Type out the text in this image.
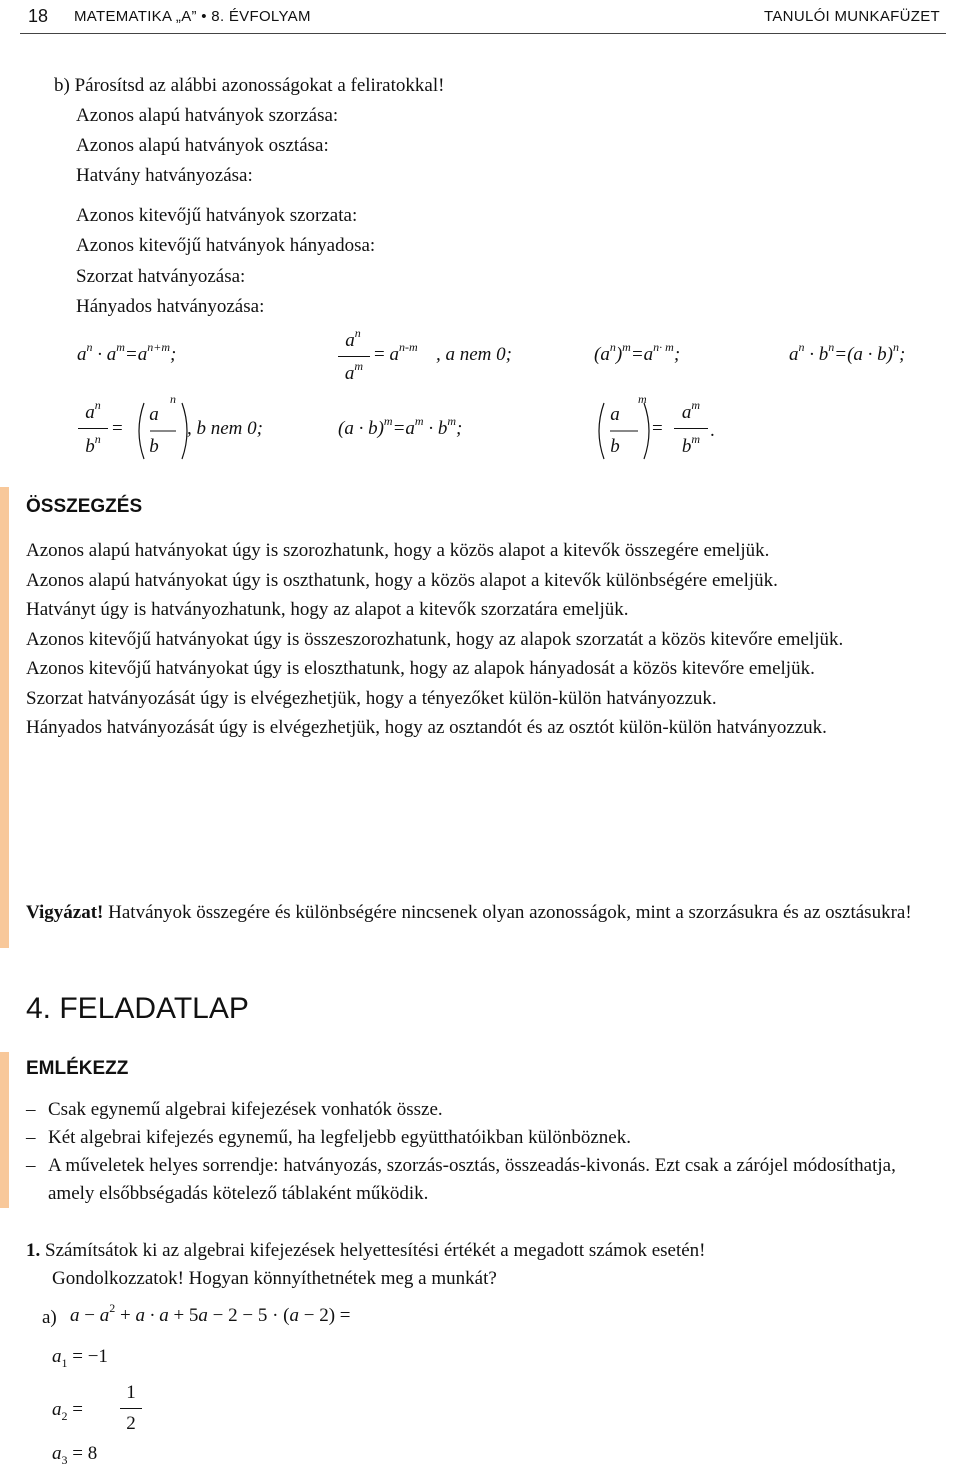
18 MATEMATIKA „A” • 8. ÉVFOLYAM	TANULÓI MUNKAFÜZET
b) Párosítsd az alábbi azonosságokat a feliratokkal!
Azonos alapú hatványok szorzása:
Azonos alapú hatványok osztása:
Hatvány hatványozása:
Azonos kitevőjű hatványok szorzata:
Azonos kitevőjű hatványok hányadosa:
Szorzat hatványozása:
Hányados hatványozása:
$a^n \cdot a^m=a^{n+m}$;
$a^n$
$a^m$
= $a^{n-m}$ , a nem 0;	$(a^n)^m=a^{n\cdot m}$;	$a^n \cdot b^n=(a \cdot b)^n$;
$a^n$
$b^n$ =
a
b
n
, b nem 0;	$(a \cdot b)^m=a^m \cdot b^m$;
a
b
m
=
$a^m$
$b^m$ .
ÖSSZEGZÉS

Azonos alapú hatványokat úgy is szorozhatunk, hogy a közös alapot a kitevők összegére emeljük.

Azonos alapú hatványokat úgy is oszthatunk, hogy a közös alapot a kitevők különbségére emeljük.

Hatványt úgy is hatványozhatunk, hogy az alapot a kitevők szorzatára emeljük.

Azonos kitevőjű hatványokat úgy is összeszorozhatunk, hogy az alapok szorzatát a közös kitevőre emeljük.

Azonos kitevőjű hatványokat úgy is eloszthatunk, hogy az alapok hányadosát a közös kitevőre emeljük.

Szorzat hatványozását úgy is elvégezhetjük, hogy a tényezőket külön-külön hatványozzuk.

Hányados hatványozását úgy is elvégezhetjük, hogy az osztandót és az osztót külön-külön hatványozzuk.

Vigyázat! Hatványok összegére és különbségére nincsenek olyan azonosságok, mint a szorzásukra és az osztásukra!

4. FELADATLAP
EMLÉKEZZ
– Csak egynemű algebrai kifejezések vonhatók össze.
– Két algebrai kifejezés egynemű, ha legfeljebb együtthatóikban különböznek.
– A műveletek helyes sorrendje: hatványozás, szorzás-osztás, összeadás-kivonás. Ezt csak a zárójel módosíthatja, amely elsőbbségadás kötelező táblaként működik.
1. Számítsátok ki az algebrai kifejezések helyettesítési értékét a megadott számok esetén!
Gondolkozzatok! Hogyan könnyíthetnétek meg a munkát?
a) $a - a^2 + a \cdot a + 5a - 2 - 5 \cdot (a - 2)$ =
$a_1 = -1$
$a_2$ =
1
2
$a_3 = 8$
